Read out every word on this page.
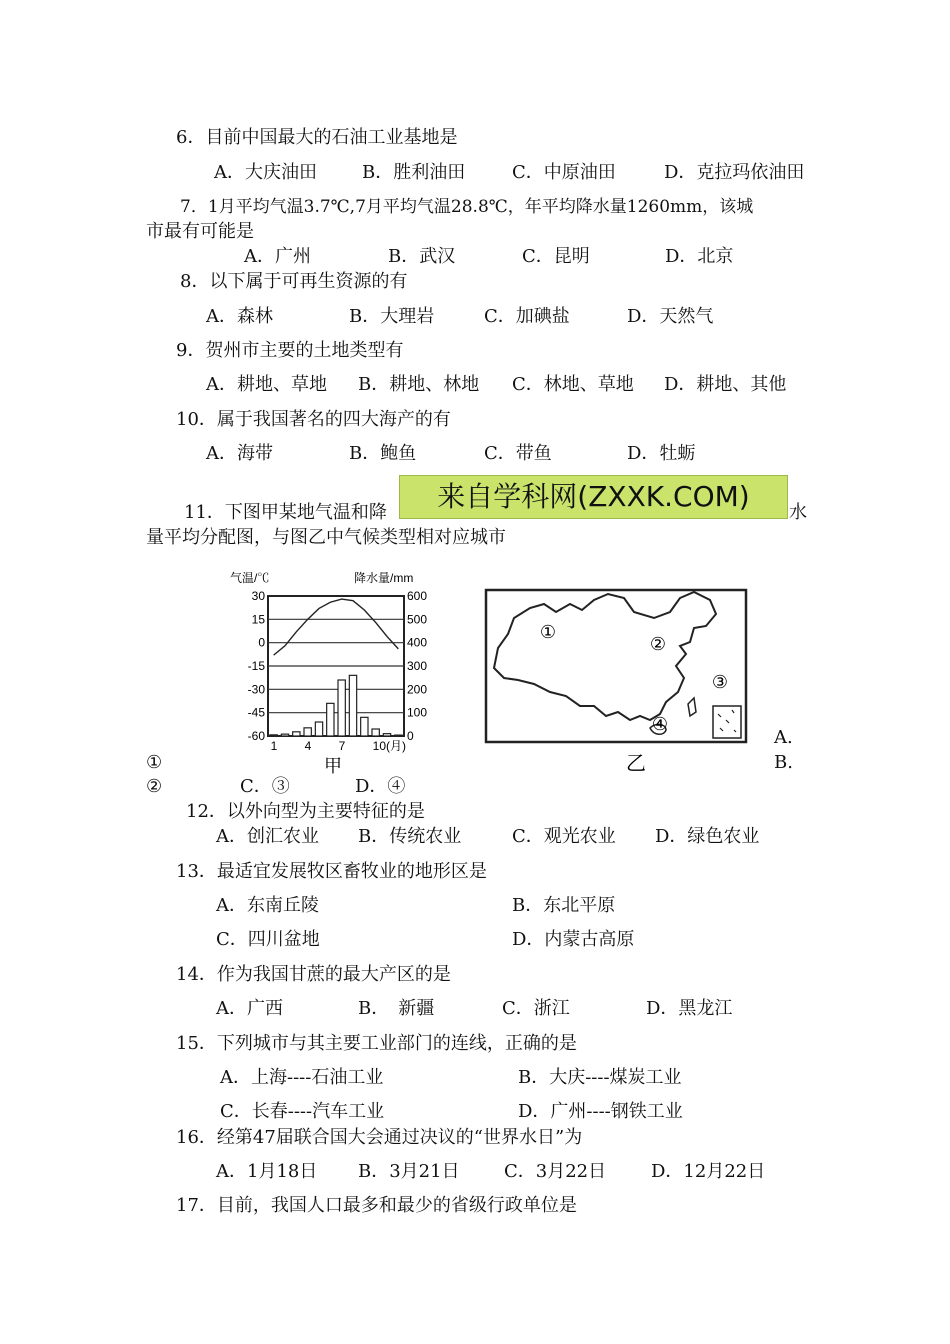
6．目前中国最大的石油工业基地是
A．大庆油田	B．胜利油田	C．中原油田	D．克拉玛依油田
7．1月平均气温3.7℃,7月平均气温28.8℃，年平均降水量1260mm，该城
市最有可能是
A．广州	B．武汉	C．昆明	D．北京
8．以下属于可再生资源的有
A．森林	B．大理岩	C．加碘盐	D．天然气
9．贺州市主要的土地类型有
A．耕地、草地 B．耕地、林地 C．林地、草地 D．耕地、其他
10．属于我国著名的四大海产的有
A．海带	B．鲍鱼	C．带鱼	D．牡蛎
11．下图甲某地气温和降	来自学科网(ZXXK.COM)	水
量平均分配图，与图乙中气候类型相对应城市
30
15
0
-15
-30
-45
-60
600
500
400
300
200
100
0
1 4 7 10(月)
气温/℃	降水量/mm
甲
①
②
③
④
乙
A.
①	B.
②	C．③	D．④
12．以外向型为主要特征的是
A．创汇农业 B．传统农业	C．观光农业 D．绿色农业
13．最适宜发展牧区畜牧业的地形区是
A．东南丘陵	B．东北平原
C．四川盆地	D．内蒙古高原
14．作为我国甘蔗的最大产区的是
A．广西	B．　新疆	C．浙江	D．黑龙江
15．下列城市与其主要工业部门的连线，正确的是
A．上海----石油工业	B．大庆----煤炭工业
C．长春----汽车工业	D．广州----钢铁工业
16．经第47届联合国大会通过决议的“世界水日”为
A．1月18日 B．3月21日 C．3月22日 D．12月22日
17．目前，我国人口最多和最少的省级行政单位是
